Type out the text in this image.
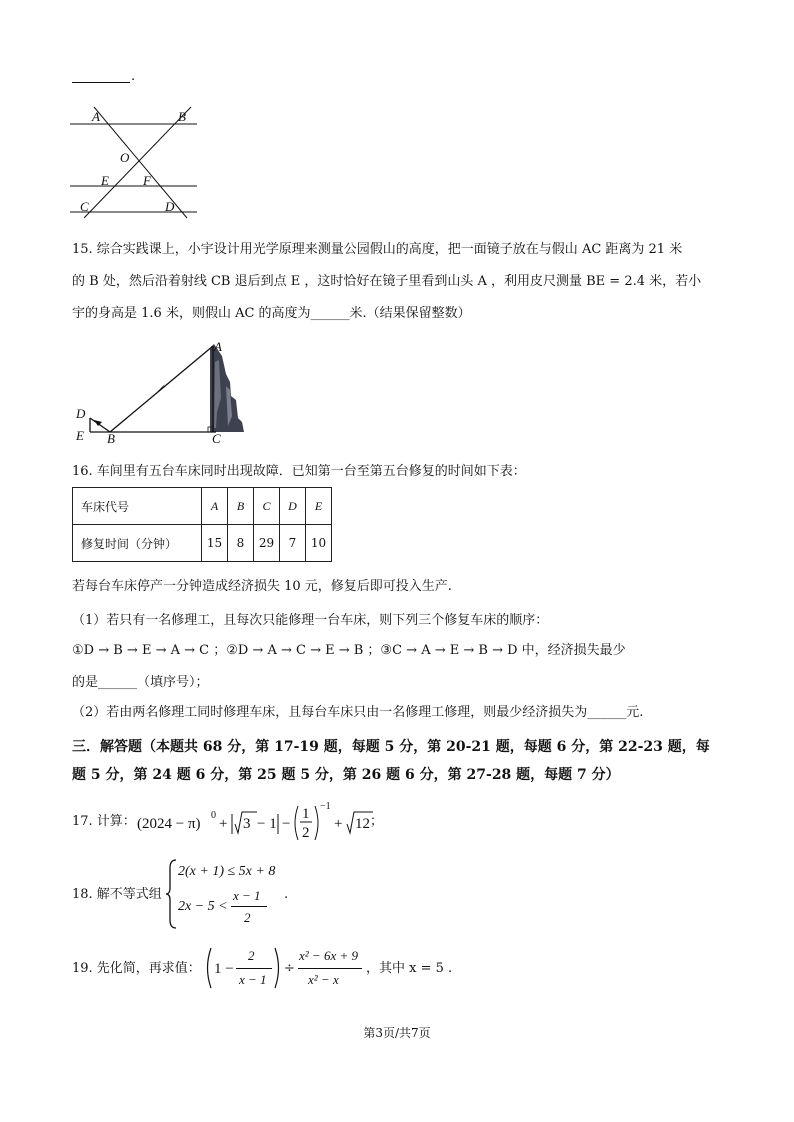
.
A	B
O
E	F
C	D
15. 综合实践课上，小宇设计用光学原理来测量公园假山的高度，把一面镜子放在与假山 AC 距离为 21 米
的 B 处，然后沿着射线 CB 退后到点 E ，这时恰好在镜子里看到山头 A ，利用皮尺测量 BE = 2.4 米，若小
宇的身高是 1.6 米，则假山 AC 的高度为______米.（结果保留整数）
A
D
E B	C
16. 车间里有五台车床同时出现故障．已知第一台至第五台修复的时间如下表：
车床代号	A	B	C	D	E
修复时间（分钟）	15	8	29	7	10
若每台车床停产一分钟造成经济损失 10 元，修复后即可投入生产.
（1）若只有一名修理工，且每次只能修理一台车床，则下列三个修复车床的顺序：
①D → B → E → A → C ；②D → A → C → E → B ；③C → A → E → B → D 中，经济损失最少
的是______（填序号）；
（2）若由两名修理工同时修理车床，且每台车床只由一名修理工修理，则最少经济损失为______元.
三．解答题（本题共 68 分，第 17-19 题，每题 5 分，第 20-21 题，每题 6 分，第 22-23 题，每
题 5 分，第 24 题 6 分，第 25 题 5 分，第 26 题 6 分，第 27-28 题，每题 7 分）
17. 计算： (2024 − π)
0
+ 3 − 1 −
1
2
−1
+ 12 ；
18. 解不等式组
2(x + 1) ≤ 5x + 8
2x − 5 <
x − 1
2
.
19. 先化简，再求值： 1 −
2
x − 1
÷
x² − 6x + 9
x² − x
，其中 x = 5 .
第3页/共7页
